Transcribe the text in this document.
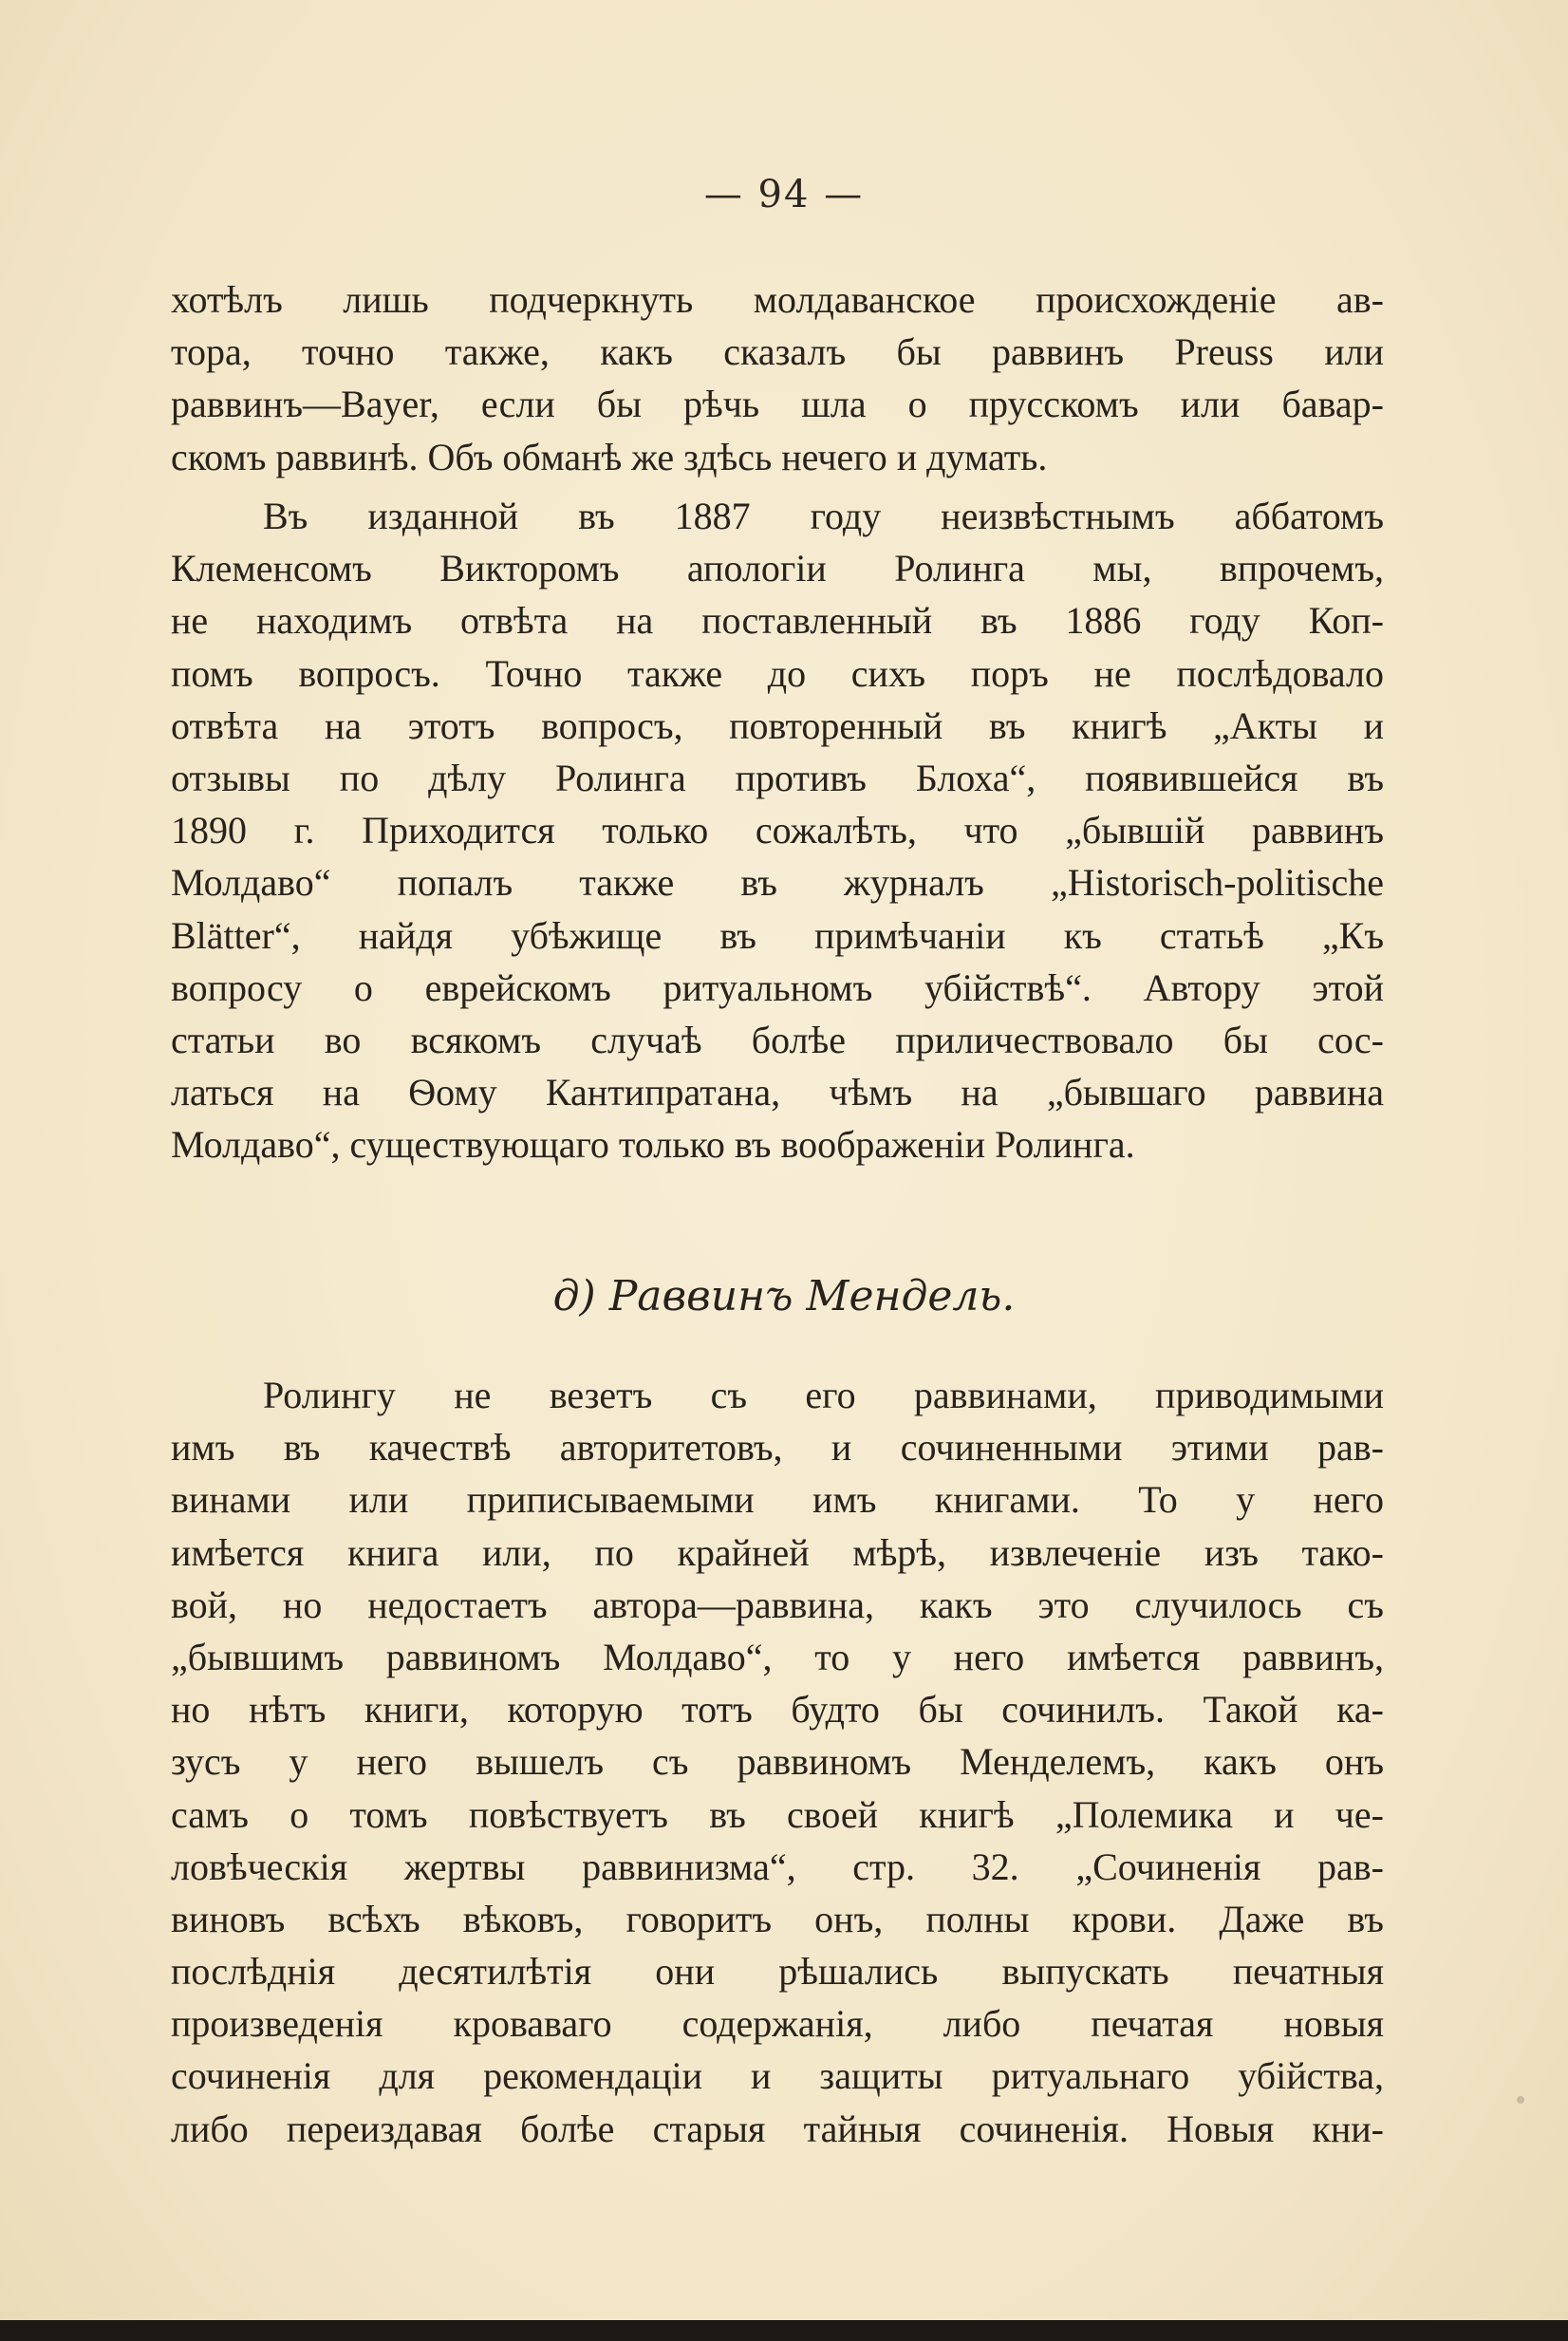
— 94 —
хотѣлъ лишь подчеркнуть молдаванское происхожденіе ав-
тора, точно также, какъ сказалъ бы раввинъ Preuss или
раввинъ—Bayer, если бы рѣчь шла о прусскомъ или бавар-
скомъ раввинѣ. Объ обманѣ же здѣсь нечего и думать.
Въ изданной въ 1887 году неизвѣстнымъ аббатомъ
Клеменсомъ Викторомъ апологіи Ролинга мы, впрочемъ,
не находимъ отвѣта на поставленный въ 1886 году Коп-
помъ вопросъ. Точно также до сихъ поръ не послѣдовало
отвѣта на этотъ вопросъ, повторенный въ книгѣ „Акты и
отзывы по дѣлу Ролинга противъ Блоха“, появившейся въ
1890 г. Приходится только сожалѣть, что „бывшій раввинъ
Молдаво“ попалъ также въ журналъ „Historisch-politische
Blätter“, найдя убѣжище въ примѣчаніи къ статьѣ „Къ
вопросу о еврейскомъ ритуальномъ убійствѣ“. Автору этой
статьи во всякомъ случаѣ болѣе приличествовало бы сос-
латься на Ѳому Кантипратана, чѣмъ на „бывшаго раввина
Молдаво“, существующаго только въ воображеніи Ролинга.
д) Раввинъ Мендель.
Ролингу не везетъ съ его раввинами, приводимыми
имъ въ качествѣ авторитетовъ, и сочиненными этими рав-
винами или приписываемыми имъ книгами. То у него
имѣется книга или, по крайней мѣрѣ, извлеченіе изъ тако-
вой, но недостаетъ автора—раввина, какъ это случилось съ
„бывшимъ раввиномъ Молдаво“, то у него имѣется раввинъ,
но нѣтъ книги, которую тотъ будто бы сочинилъ. Такой ка-
зусъ у него вышелъ съ раввиномъ Менделемъ, какъ онъ
самъ о томъ повѣствуетъ въ своей книгѣ „Полемика и че-
ловѣческія жертвы раввинизма“, стр. 32. „Сочиненія рав-
виновъ всѣхъ вѣковъ, говоритъ онъ, полны крови. Даже въ
послѣднія десятилѣтія они рѣшались выпускать печатныя
произведенія кроваваго содержанія, либо печатая новыя
сочиненія для рекомендаціи и защиты ритуальнаго убійства,
либо переиздавая болѣе старыя тайныя сочиненія. Новыя кни-
